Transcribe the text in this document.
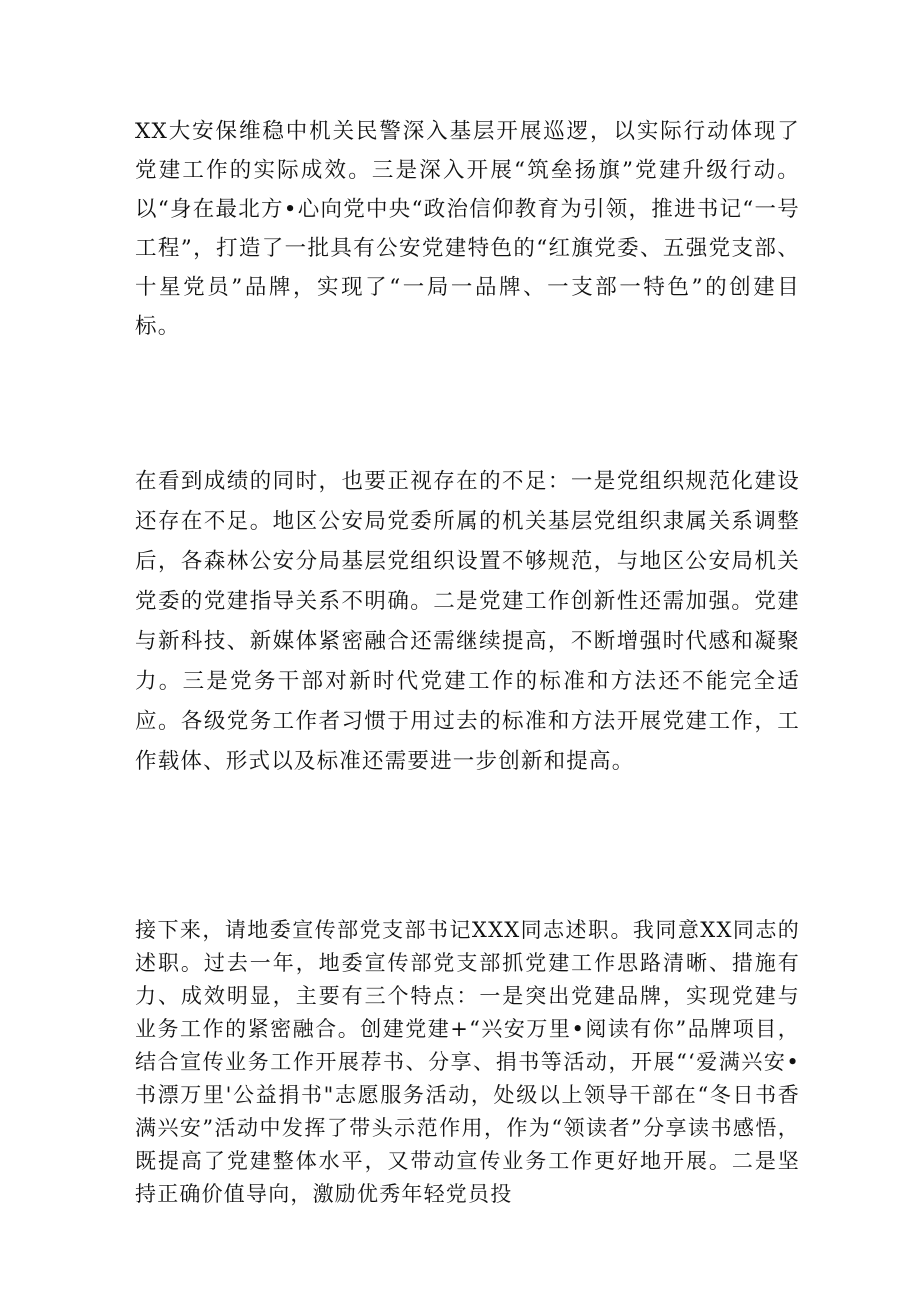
XX大安保维稳中机关民警深入基层开展巡逻，以实际行动体现了党建工作的实际成效。三是深入开展“筑垒扬旗”党建升级行动。以“身在最北方•心向党中央“政治信仰教育为引领，推进书记“一号工程”，打造了一批具有公安党建特色的“红旗党委、五强党支部、十星党员”品牌，实现了“一局一品牌、一支部一特色”的创建目标。

在看到成绩的同时，也要正视存在的不足：一是党组织规范化建设还存在不足。地区公安局党委所属的机关基层党组织隶属关系调整后，各森林公安分局基层党组织设置不够规范，与地区公安局机关党委的党建指导关系不明确。二是党建工作创新性还需加强。党建与新科技、新媒体紧密融合还需继续提高，不断增强时代感和凝聚力。三是党务干部对新时代党建工作的标准和方法还不能完全适应。各级党务工作者习惯于用过去的标准和方法开展党建工作，工作载体、形式以及标准还需要进一步创新和提高。

接下来，请地委宣传部党支部书记XXX同志述职。我同意XX同志的述职。过去一年，地委宣传部党支部抓党建工作思路清晰、措施有力、成效明显，主要有三个特点：一是突出党建品牌，实现党建与业务工作的紧密融合。创建党建+“兴安万里•阅读有你”品牌项目，结合宣传业务工作开展荐书、分享、捐书等活动，开展“‘爱满兴安•书漂万里'公益捐书"志愿服务活动，处级以上领导干部在“冬日书香满兴安”活动中发挥了带头示范作用，作为“领读者”分享读书感悟，既提高了党建整体水平，又带动宣传业务工作更好地开展。二是坚持正确价值导向，激励优秀年轻党员投
